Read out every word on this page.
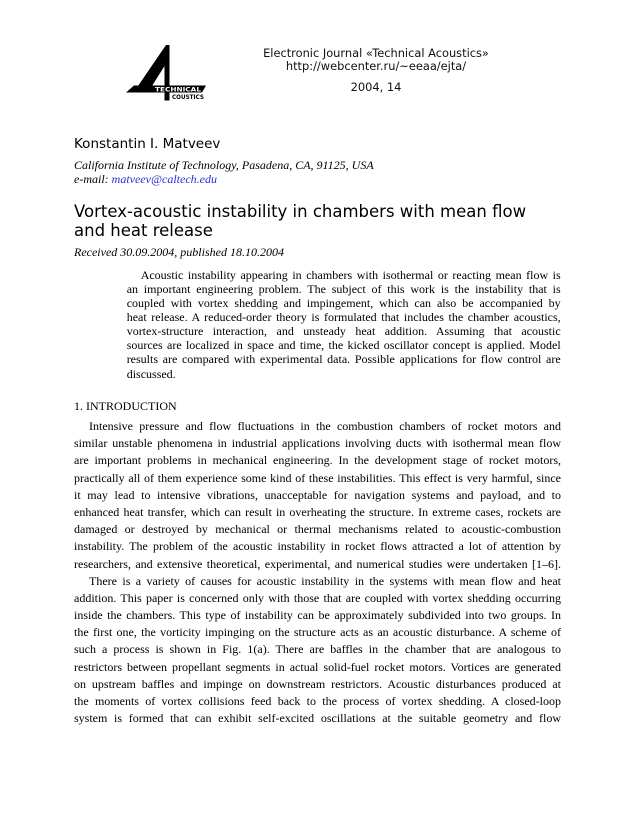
TECHNICAL
COUSTICS
Electronic Journal «Technical Acoustics»
http://webcenter.ru/~eeaa/ejta/
2004, 14
Konstantin I. Matveev
California Institute of Technology, Pasadena, CA, 91125, USA
e-mail: matveev@caltech.edu
Vortex-acoustic instability in chambers with mean flow
and heat release
Received 30.09.2004, published 18.10.2004
Acoustic instability appearing in chambers with isothermal or reacting mean flow is
an important engineering problem. The subject of this work is the instability that is
coupled with vortex shedding and impingement, which can also be accompanied by
heat release. A reduced-order theory is formulated that includes the chamber acoustics,
vortex-structure interaction, and unsteady heat addition. Assuming that acoustic
sources are localized in space and time, the kicked oscillator concept is applied. Model
results are compared with experimental data. Possible applications for flow control are
discussed.
1. INTRODUCTION
Intensive pressure and flow fluctuations in the combustion chambers of rocket motors and
similar unstable phenomena in industrial applications involving ducts with isothermal mean flow
are important problems in mechanical engineering. In the development stage of rocket motors,
practically all of them experience some kind of these instabilities. This effect is very harmful, since
it may lead to intensive vibrations, unacceptable for navigation systems and payload, and to
enhanced heat transfer, which can result in overheating the structure. In extreme cases, rockets are
damaged or destroyed by mechanical or thermal mechanisms related to acoustic-combustion
instability. The problem of the acoustic instability in rocket flows attracted a lot of attention by
researchers, and extensive theoretical, experimental, and numerical studies were undertaken [1–6].
There is a variety of causes for acoustic instability in the systems with mean flow and heat
addition. This paper is concerned only with those that are coupled with vortex shedding occurring
inside the chambers. This type of instability can be approximately subdivided into two groups. In
the first one, the vorticity impinging on the structure acts as an acoustic disturbance. A scheme of
such a process is shown in Fig. 1(a). There are baffles in the chamber that are analogous to
restrictors between propellant segments in actual solid-fuel rocket motors. Vortices are generated
on upstream baffles and impinge on downstream restrictors. Acoustic disturbances produced at
the moments of vortex collisions feed back to the process of vortex shedding. A closed-loop
system is formed that can exhibit self-excited oscillations at the suitable geometry and flow
